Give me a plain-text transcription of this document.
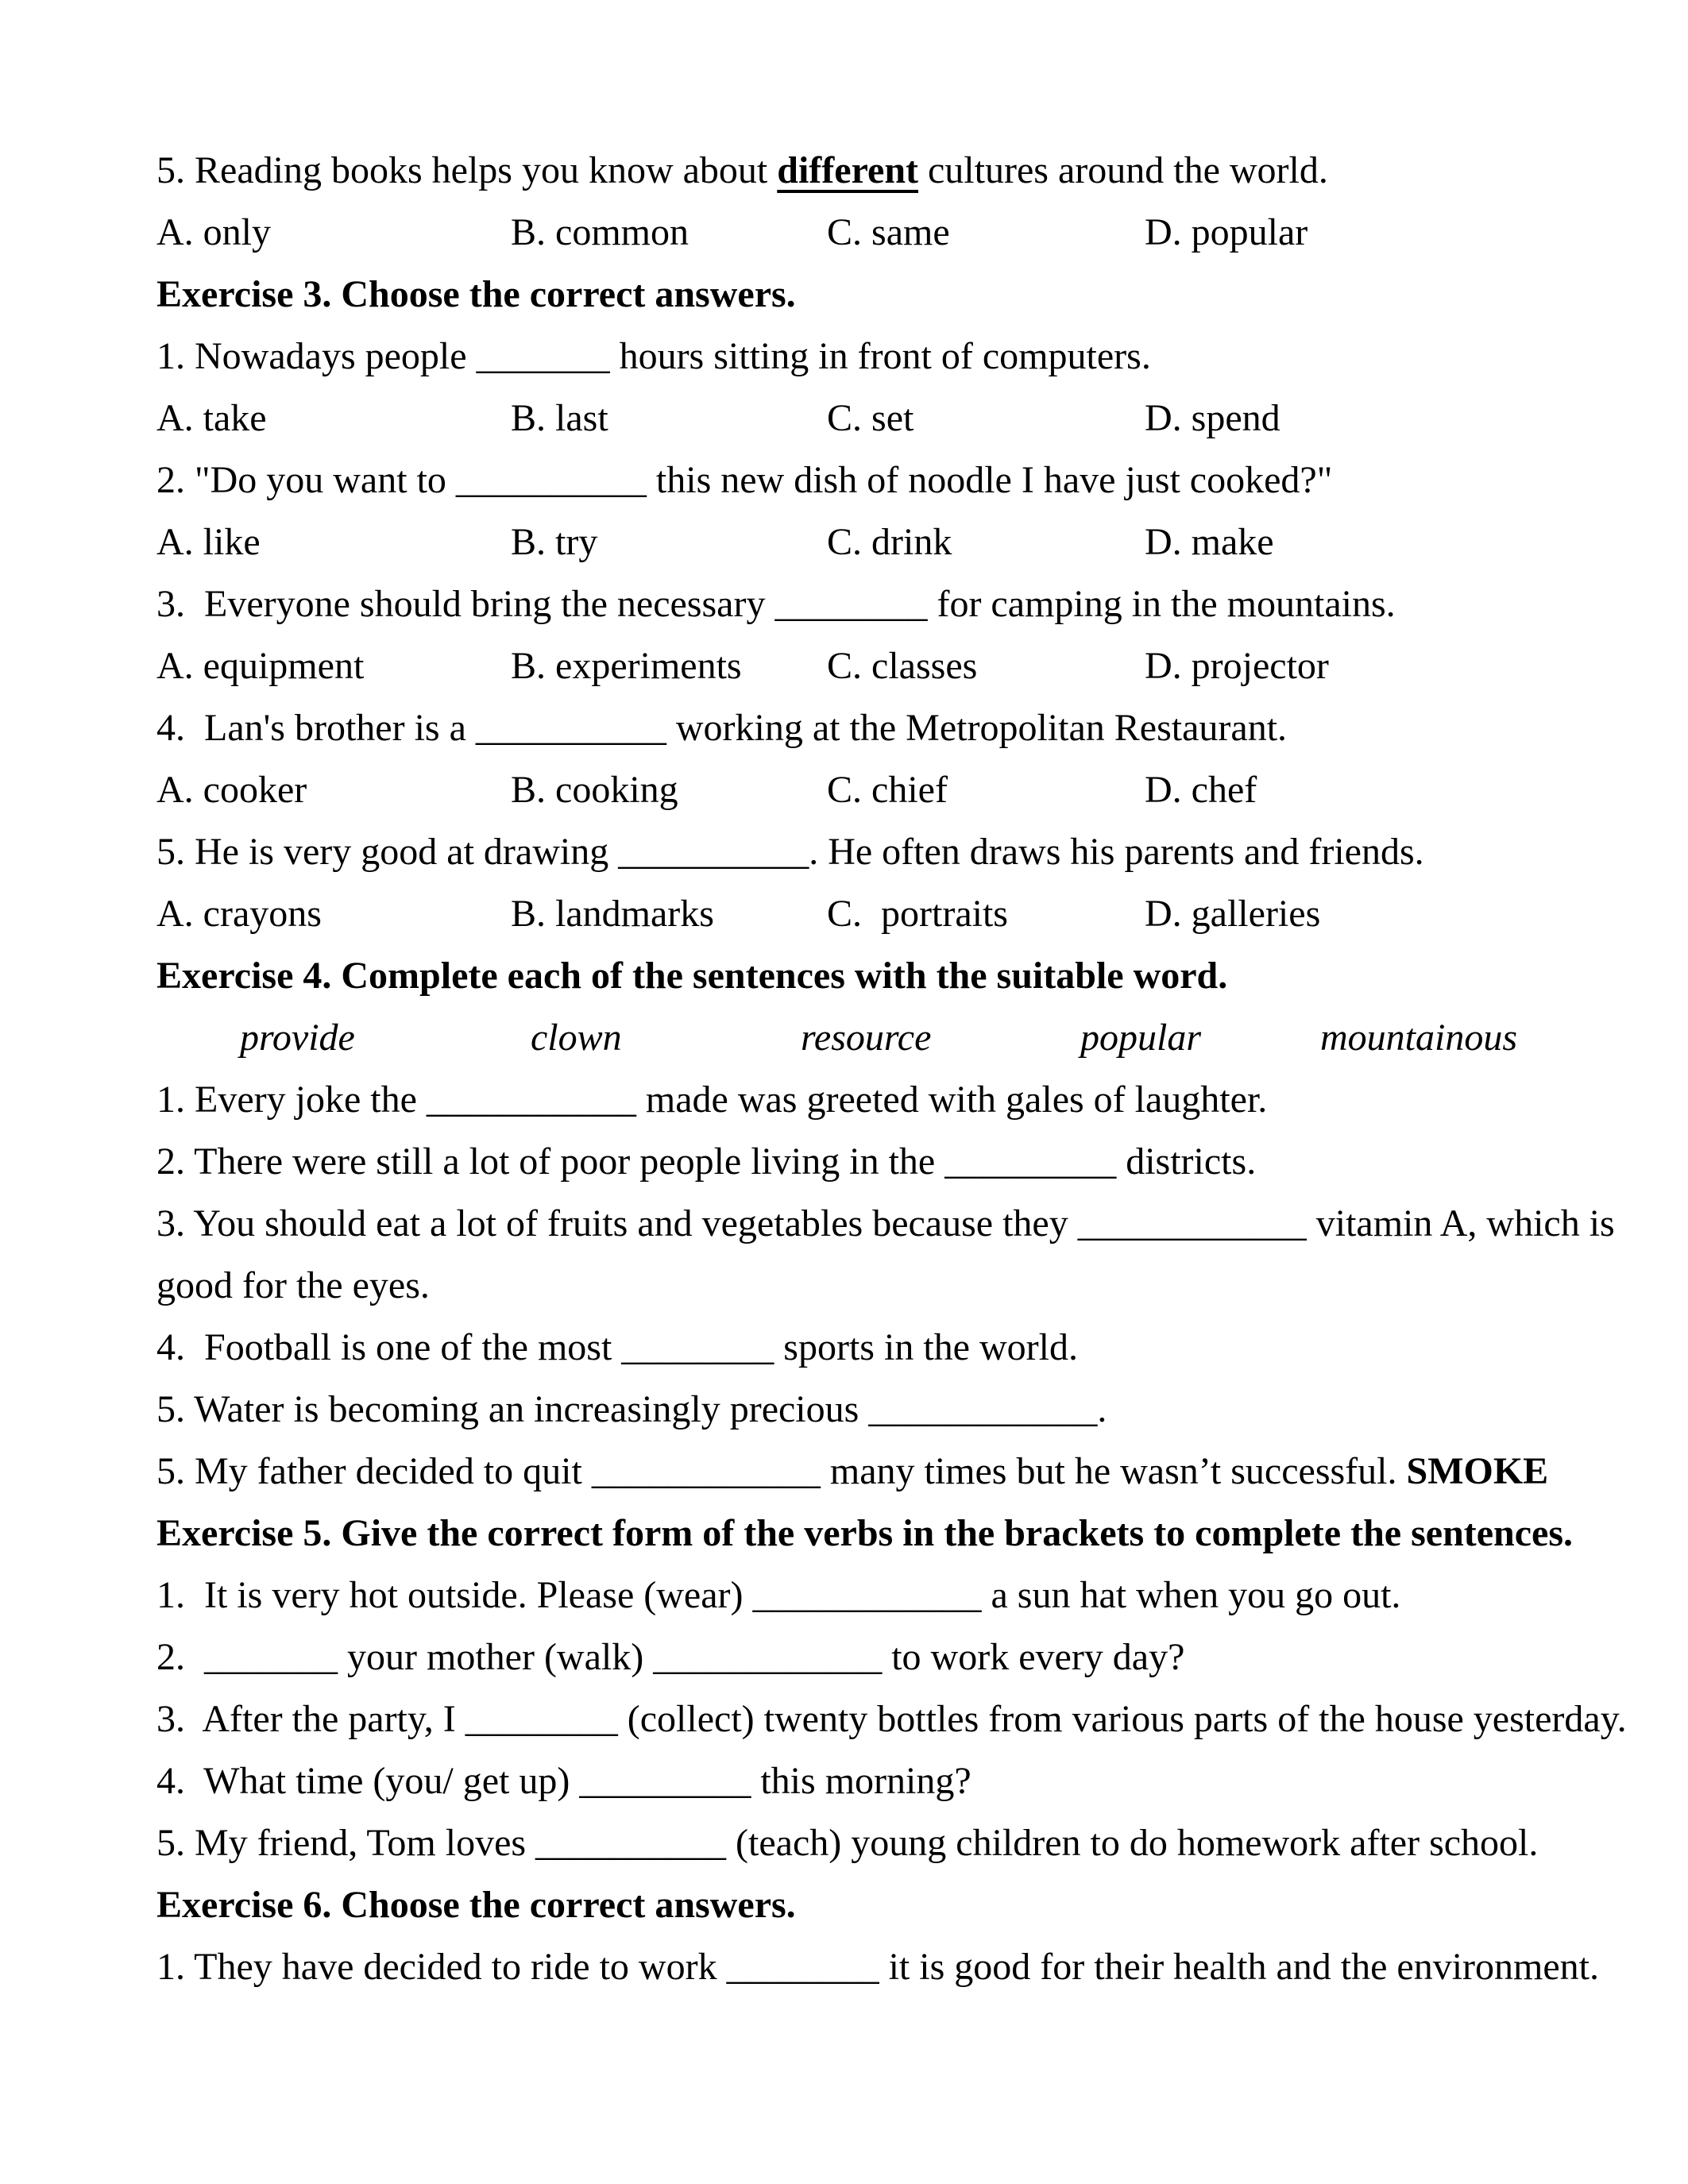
5. Reading books helps you know about different cultures around the world.
A. only	B. common	C. same	D. popular
Exercise 3. Choose the correct answers.
1. Nowadays people _______ hours sitting in front of computers.
A. take	B. last	C. set	D. spend
2. "Do you want to __________ this new dish of noodle I have just cooked?"
A. like	B. try	C. drink	D. make
3.  Everyone should bring the necessary ________ for camping in the mountains.
A. equipment	B. experiments	C. classes	D. projector
4.  Lan's brother is a __________ working at the Metropolitan Restaurant.
A. cooker	B. cooking	C. chief	D. chef
5. He is very good at drawing __________. He often draws his parents and friends.
A. crayons	B. landmarks	C.  portraits	D. galleries
Exercise 4. Complete each of the sentences with the suitable word.
provide	clown	resource	popular	mountainous
1. Every joke the ___________ made was greeted with gales of laughter.
2. There were still a lot of poor people living in the _________ districts.
3. You should eat a lot of fruits and vegetables because they ____________ vitamin A, which is
good for the eyes.
4.  Football is one of the most ________ sports in the world.
5. Water is becoming an increasingly precious ____________.
5. My father decided to quit ____________ many times but he wasn’t successful. SMOKE
Exercise 5. Give the correct form of the verbs in the brackets to complete the sentences.
1.  It is very hot outside. Please (wear) ____________ a sun hat when you go out.
2.  _______ your mother (walk) ____________ to work every day?
3.  After the party, I ________ (collect) twenty bottles from various parts of the house yesterday.
4.  What time (you/ get up) _________ this morning?
5. My friend, Tom loves __________ (teach) young children to do homework after school.
Exercise 6. Choose the correct answers.
1. They have decided to ride to work ________ it is good for their health and the environment.
